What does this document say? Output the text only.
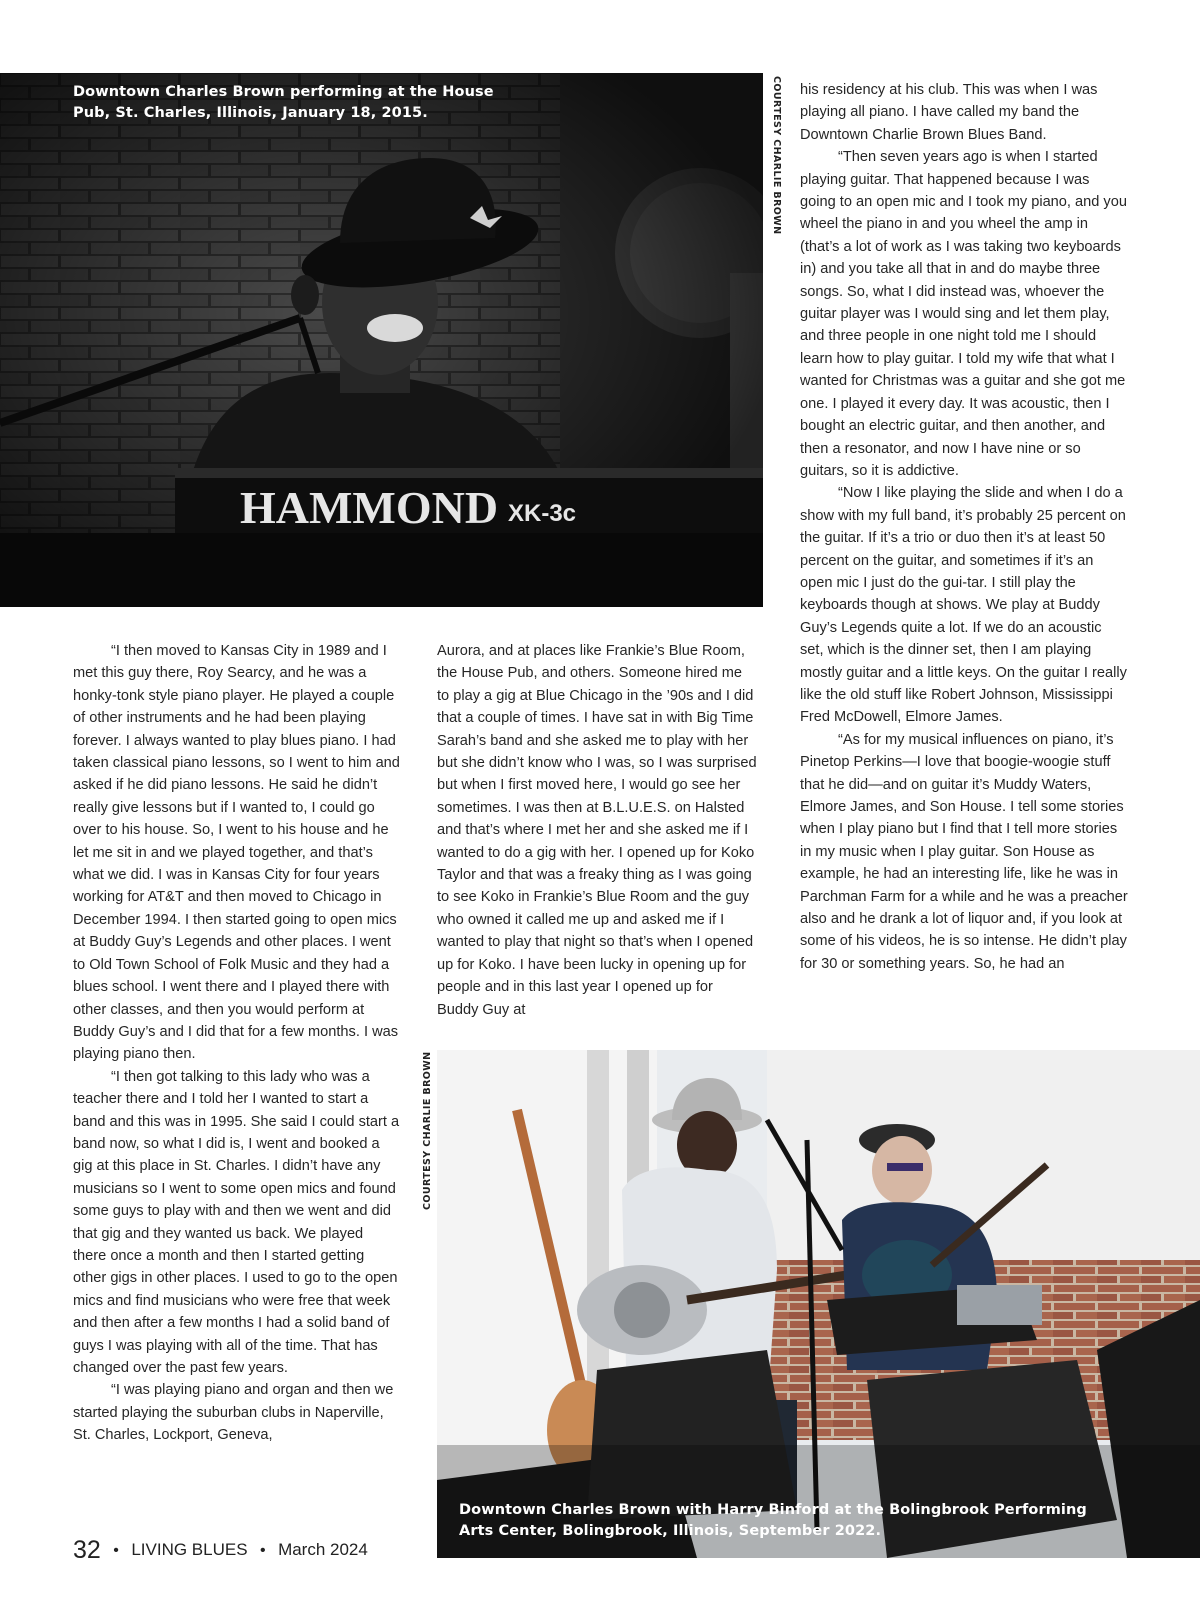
HAMMOND XK-3c
Downtown Charles Brown performing at the House Pub, St. Charles, Illinois, January 18, 2015.	COURTESY CHARLIE BROWN

“I then moved to Kansas City in 1989 and I met this guy there, Roy Searcy, and he was a honky-tonk style piano player. He played a couple of other instruments and he had been playing forever. I always wanted to play blues piano. I had taken classical piano lessons, so I went to him and asked if he did piano lessons. He said he didn’t really give lessons but if I wanted to, I could go over to his house. So, I went to his house and he let me sit in and we played together, and that’s what we did. I was in Kansas City for four years working for AT&T and then moved to Chicago in December 1994. I then started going to open mics at Buddy Guy’s Legends and other places. I went to Old Town School of Folk Music and they had a blues school. I went there and I played there with other classes, and then you would perform at Buddy Guy’s and I did that for a few months. I was playing piano then.

“I then got talking to this lady who was a teacher there and I told her I wanted to start a band and this was in 1995. She said I could start a band now, so what I did is, I went and booked a gig at this place in St. Charles. I didn’t have any musicians so I went to some open mics and found some guys to play with and then we went and did that gig and they wanted us back. We played there once a month and then I started getting other gigs in other places. I used to go to the open mics and find musicians who were free that week and then after a few months I had a solid band of guys I was playing with all of the time. That has changed over the past few years.

“I was playing piano and organ and then we started playing the suburban clubs in Naperville, St. Charles, Lockport, Geneva,

Aurora, and at places like Frankie’s Blue Room, the House Pub, and others. Someone hired me to play a gig at Blue Chicago in the ’90s and I did that a couple of times. I have sat in with Big Time Sarah’s band and she asked me to play with her but she didn’t know who I was, so I was surprised but when I first moved here, I would go see her sometimes. I was then at B.L.U.E.S. on Halsted and that’s where I met her and she asked me if I wanted to do a gig with her. I opened up for Koko Taylor and that was a freaky thing as I was going to see Koko in Frankie’s Blue Room and the guy who owned it called me up and asked me if I wanted to play that night so that’s when I opened up for Koko. I have been lucky in opening up for people and in this last year I opened up for Buddy Guy at

his residency at his club. This was when I was playing all piano. I have called my band the Downtown Charlie Brown Blues Band.

“Then seven years ago is when I started playing guitar. That happened because I was going to an open mic and I took my piano, and you wheel the piano in and you wheel the amp in (that’s a lot of work as I was taking two keyboards in) and you take all that in and do maybe three songs. So, what I did instead was, whoever the guitar player was I would sing and let them play, and three people in one night told me I should learn how to play guitar. I told my wife that what I wanted for Christmas was a guitar and she got me one. I played it every day. It was acoustic, then I bought an electric guitar, and then another, and then a resonator, and now I have nine or so guitars, so it is addictive.

“Now I like playing the slide and when I do a show with my full band, it’s probably 25 percent on the guitar. If it’s a trio or duo then it’s at least 50 percent on the guitar, and sometimes if it’s an open mic I just do the gui-tar. I still play the keyboards though at shows. We play at Buddy Guy’s Legends quite a lot. If we do an acoustic set, which is the dinner set, then I am playing mostly guitar and a little keys. On the guitar I really like the old stuff like Robert Johnson, Mississippi Fred McDowell, Elmore James.

“As for my musical influences on piano, it’s Pinetop Perkins—I love that boogie-woogie stuff that he did—and on guitar it’s Muddy Waters, Elmore James, and Son House. I tell some stories when I play piano but I find that I tell more stories in my music when I play guitar. Son House as example, he had an interesting life, like he was in Parchman Farm for a while and he was a preacher also and he drank a lot of liquor and, if you look at some of his videos, he is so intense. He didn’t play for 30 or something years. So, he had an

Downtown Charles Brown with Harry Binford at the Bolingbrook Performing Arts Center, Bolingbrook, Illinois, September 2022.
COURTESY CHARLIE BROWN
32 • LIVING BLUES • March 2024
